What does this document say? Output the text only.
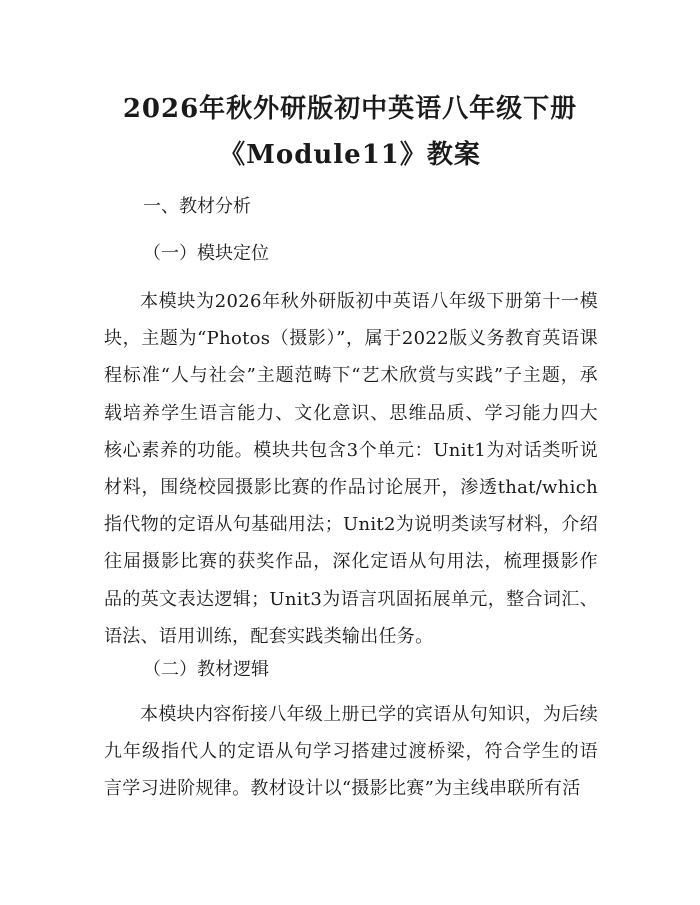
2026年秋外研版初中英语八年级下册
《Module11》教案
一、教材分析
（一）模块定位
本模块为2026年秋外研版初中英语八年级下册第十一模块，主题为“Photos（摄影）”，属于2022版义务教育英语课程标准“人与社会”主题范畴下“艺术欣赏与实践”子主题，承载培养学生语言能力、文化意识、思维品质、学习能力四大核心素养的功能。模块共包含3个单元：Unit1为对话类听说材料，围绕校园摄影比赛的作品讨论展开，渗透that/which指代物的定语从句基础用法；Unit2为说明类读写材料，介绍往届摄影比赛的获奖作品，深化定语从句用法，梳理摄影作品的英文表达逻辑；Unit3为语言巩固拓展单元，整合词汇、语法、语用训练，配套实践类输出任务。
（二）教材逻辑
本模块内容衔接八年级上册已学的宾语从句知识，为后续九年级指代人的定语从句学习搭建过渡桥梁，符合学生的语言学习进阶规律。教材设计以“摄影比赛”为主线串联所有活
